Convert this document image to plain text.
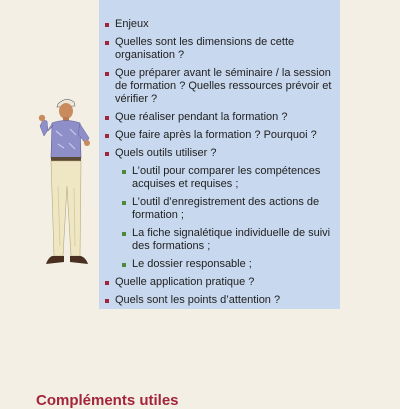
Enjeux
Quelles sont les dimensions de cette organisation ?
Que préparer avant le séminaire / la session de formation ? Quelles ressources prévoir et vérifier ?
Que réaliser pendant la formation ?
Que faire après la formation ? Pourquoi ?
Quels outils utiliser ?
L’outil pour comparer les compétences acquises et requises ;
L’outil d’enregistrement des actions de formation ;
La fiche signalétique individuelle de suivi des formations ;
Le dossier responsable ;
Quelle application pratique ?
Quels sont les points d’attention ?
Compléments utiles
